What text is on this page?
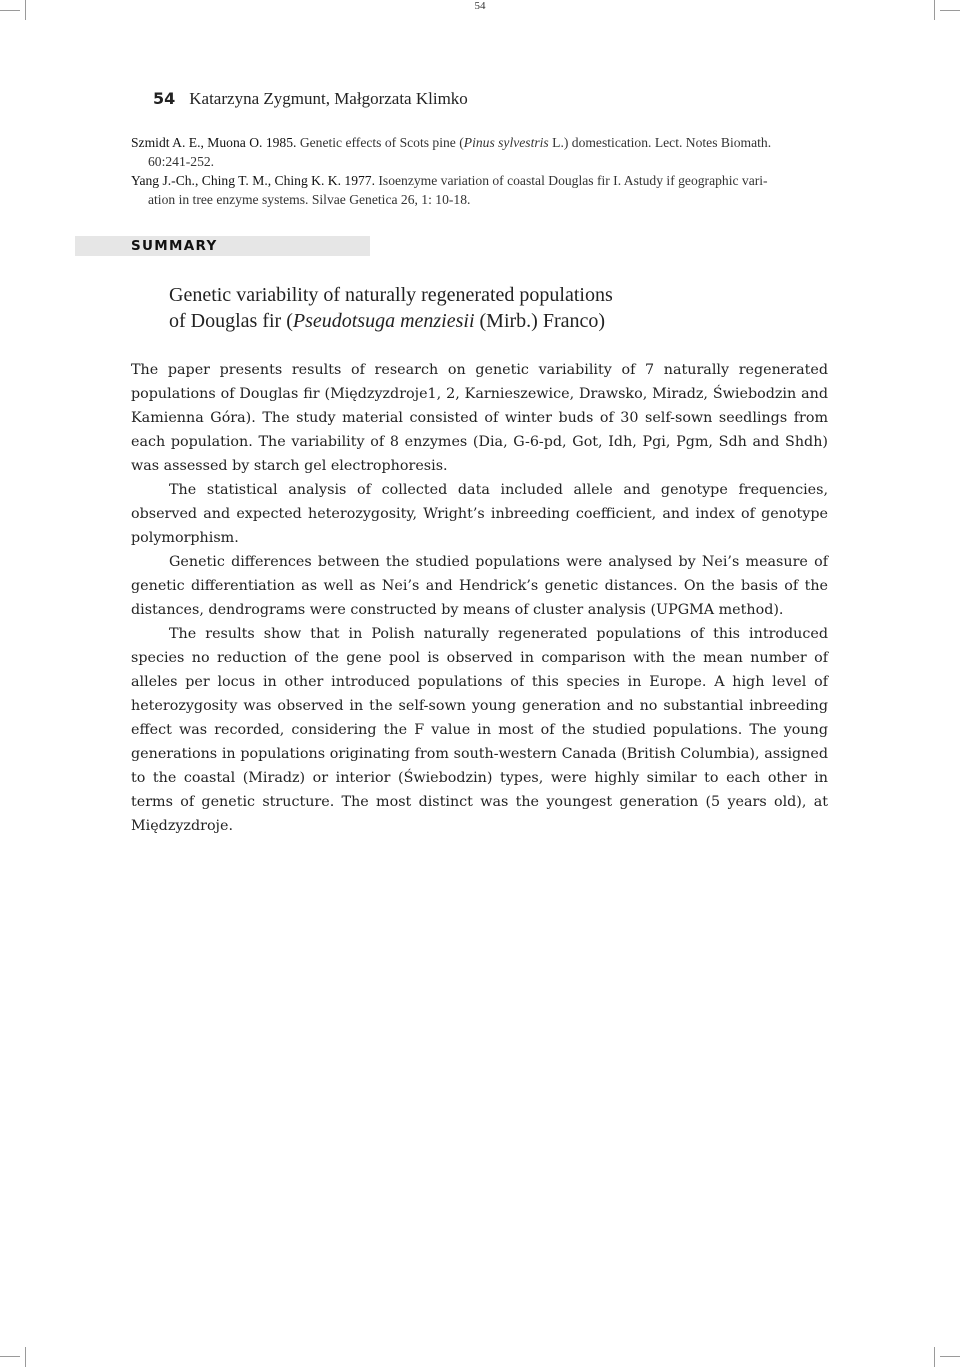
54
54 Katarzyna Zygmunt, Małgorzata Klimko

Szmidt A. E., Muona O. 1985. Genetic effects of Scots pine (Pinus sylvestris L.) domestication. Lect. Notes Biomath.
60:241-252.

Yang J.-Ch., Ching T. M., Ching K. K. 1977. Isoenzyme variation of coastal Douglas fir I. Astudy if geographic vari-
ation in tree enzyme systems. Silvae Genetica 26, 1: 10-18.

SUMMARY
Genetic variability of naturally regenerated populations
of Douglas fir (Pseudotsuga menziesii (Mirb.) Franco)

The paper presents results of research on genetic variability of 7 naturally regenerated populations of Douglas fir (Międzyzdroje1, 2, Karnieszewice, Drawsko, Miradz, Świebodzin and Kamienna Góra). The study material consisted of winter buds of 30 self-sown seedlings from each population. The variability of 8 enzymes (Dia, G-6-pd, Got, Idh, Pgi, Pgm, Sdh and Shdh) was assessed by starch gel electrophoresis.

The statistical analysis of collected data included allele and genotype frequencies, observed and expected heterozygosity, Wright’s inbreeding coefficient, and index of genotype polymorphism.

Genetic differences between the studied populations were analysed by Nei’s measure of genetic differentiation as well as Nei’s and Hendrick’s genetic distances. On the basis of the distances, dendrograms were constructed by means of cluster analysis (UPGMA method).

The results show that in Polish naturally regenerated populations of this introduced species no reduction of the gene pool is observed in comparison with the mean number of alleles per locus in other introduced populations of this species in Europe. A high level of heterozygosity was observed in the self-sown young generation and no substantial inbreeding effect was recorded, considering the F value in most of the studied populations. The young generations in populations originating from south-western Canada (British Columbia), assigned to the coastal (Miradz) or interior (Świebodzin) types, were highly similar to each other in terms of genetic structure. The most distinct was the youngest generation (5 years old), at Międzyzdroje.
